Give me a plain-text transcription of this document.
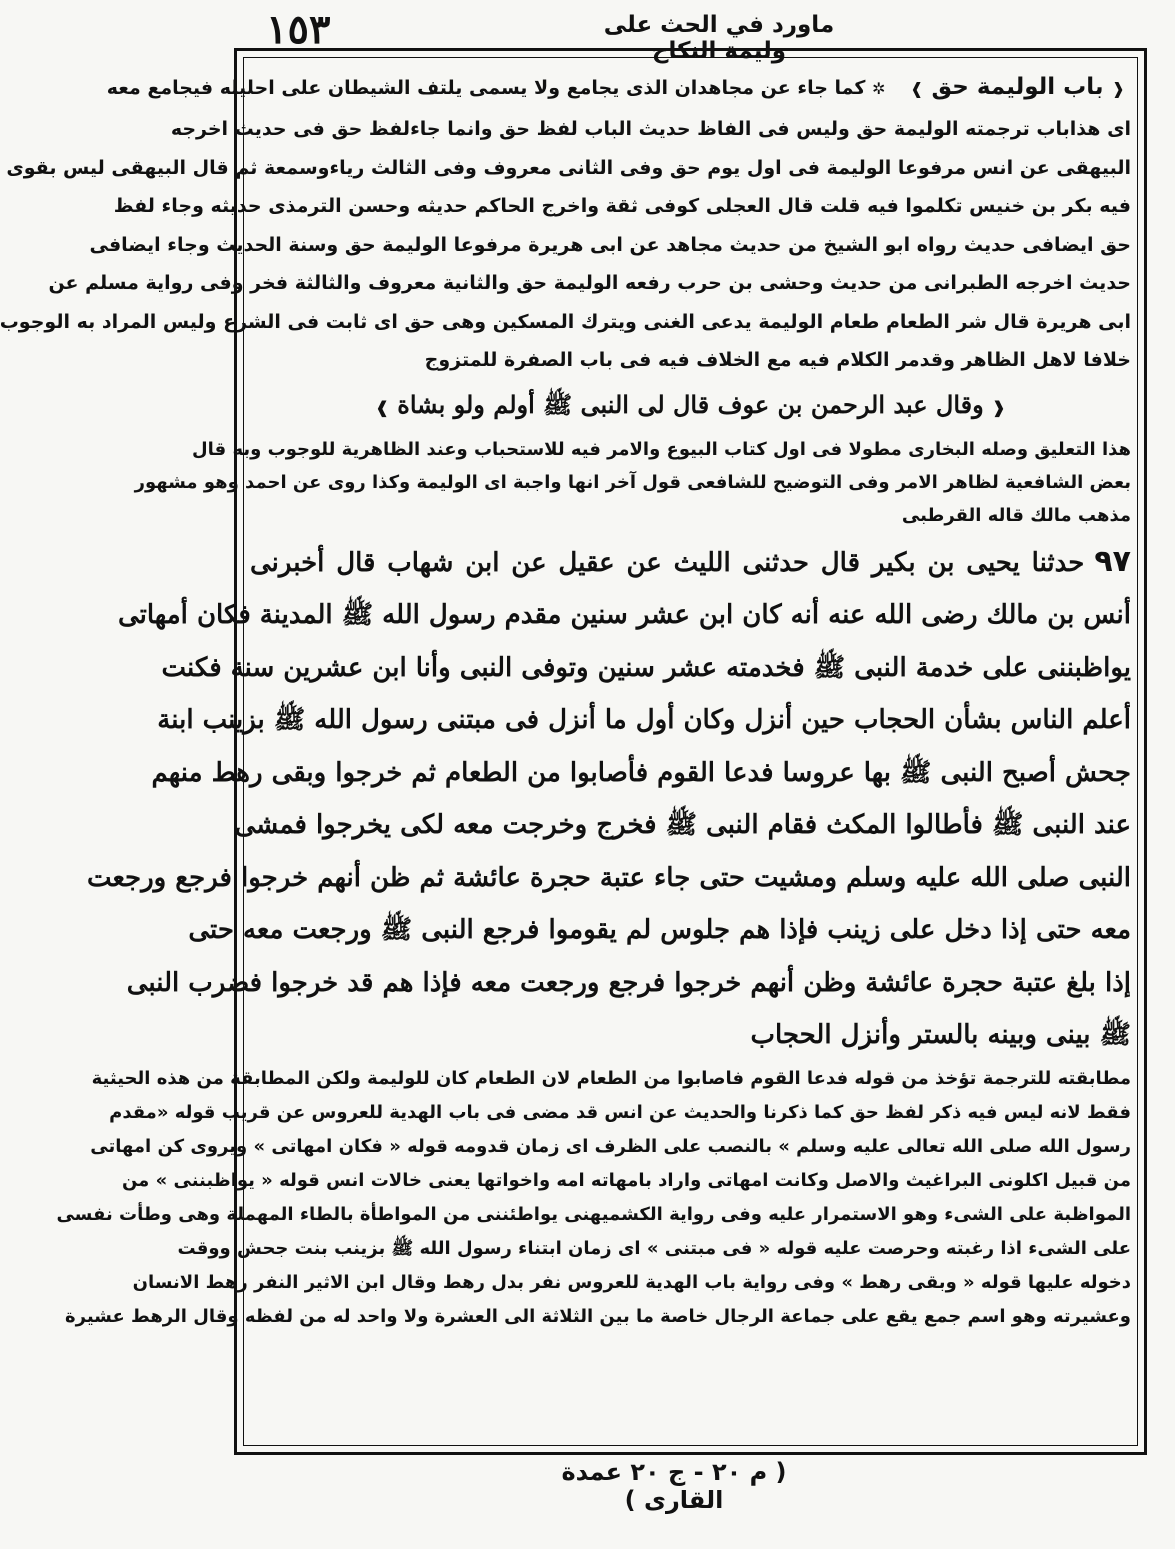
١٥٣	ماورد في الحث على وليمة النكاح
❰ باب الوليمة حق ❱ ✲ كما جاء عن مجاهدان الذى يجامع ولا يسمى يلتف الشيطان على احليله فيجامع معه
اى هذاباب ترجمته الوليمة حق وليس فى الفاظ حديث الباب لفظ حق وانما جاءلفظ حق فى حديث اخرجه
البيهقى عن انس مرفوعا الوليمة فى اول يوم حق وفى الثانى معروف وفى الثالث رياءوسمعة ثم قال البيهقى ليس بقوى
فيه بكر بن خنيس تكلموا فيه قلت قال العجلى كوفى ثقة واخرج الحاكم حديثه وحسن الترمذى حديثه وجاء لفظ
حق ايضافى حديث رواه ابو الشيخ من حديث مجاهد عن ابى هريرة مرفوعا الوليمة حق وسنة الحديث وجاء ايضافى
حديث اخرجه الطبرانى من حديث وحشى بن حرب رفعه الوليمة حق والثانية معروف والثالثة فخر وفى رواية مسلم عن
ابى هريرة قال شر الطعام طعام الوليمة يدعى الغنى ويترك المسكين وهى حق اى ثابت فى الشرع وليس المراد به الوجوب
خلافا لاهل الظاهر وقدمر الكلام فيه مع الخلاف فيه فى باب الصفرة للمتزوج
❰ وقال عبد الرحمن بن عوف قال لى النبى ﷺ أولم ولو بشاة ❱
هذا التعليق وصله البخارى مطولا فى اول كتاب البيوع والامر فيه للاستحباب وعند الظاهرية للوجوب وبه قال
بعض الشافعية لظاهر الامر وفى التوضيح للشافعى قول آخر انها واجبة اى الوليمة وكذا روى عن احمد وهو مشهور
مذهب مالك قاله القرطبى
٩٧حدثنا يحيى بن بكير قال حدثنى الليث عن عقيل عن ابن شهاب قال أخبرنى
أنس بن مالك رضى الله عنه أنه كان ابن عشر سنين مقدم رسول الله ﷺ المدينة فكان أمهاتى
يواظبننى على خدمة النبى ﷺ فخدمته عشر سنين وتوفى النبى وأنا ابن عشرين سنة فكنت
أعلم الناس بشأن الحجاب حين أنزل وكان أول ما أنزل فى مبتنى رسول الله ﷺ بزينب ابنة
جحش أصبح النبى ﷺ بها عروسا فدعا القوم فأصابوا من الطعام ثم خرجوا وبقى رهط منهم
عند النبى ﷺ فأطالوا المكث فقام النبى ﷺ فخرج وخرجت معه لكى يخرجوا فمشى
النبى صلى الله عليه وسلم ومشيت حتى جاء عتبة حجرة عائشة ثم ظن أنهم خرجوا فرجع ورجعت
معه حتى إذا دخل على زينب فإذا هم جلوس لم يقوموا فرجع النبى ﷺ ورجعت معه حتى
إذا بلغ عتبة حجرة عائشة وظن أنهم خرجوا فرجع ورجعت معه فإذا هم قد خرجوا فضرب النبى
ﷺ بينى وبينه بالستر وأنزل الحجاب
مطابقته للترجمة تؤخذ من قوله فدعا القوم فاصابوا من الطعام لان الطعام كان للوليمة ولكن المطابقة من هذه الحيثية
فقط لانه ليس فيه ذكر لفظ حق كما ذكرنا والحديث عن انس قد مضى فى باب الهدية للعروس عن قريب قوله «مقدم
رسول الله صلى الله تعالى عليه وسلم » بالنصب على الظرف اى زمان قدومه قوله « فكان امهاتى » ويروى كن امهاتى
من قبيل اكلونى البراغيث والاصل وكانت امهاتى واراد بامهاته امه واخواتها يعنى خالات انس قوله « يواظبننى » من
المواظبة على الشىء وهو الاستمرار عليه وفى رواية الكشميهنى يواطئننى من المواطأة بالطاء المهملة وهى وطأت نفسى
على الشىء اذا رغبته وحرصت عليه قوله « فى مبتنى » اى زمان ابتناء رسول الله ﷺ بزينب بنت جحش ووقت
دخوله عليها قوله « وبقى رهط » وفى رواية باب الهدية للعروس نفر بدل رهط وقال ابن الاثير النفر رهط الانسان
وعشيرته وهو اسم جمع يقع على جماعة الرجال خاصة ما بين الثلاثة الى العشرة ولا واحد له من لفظه وقال الرهط عشيرة
( م ٢٠ - ج ٢٠ عمدة القارى )
